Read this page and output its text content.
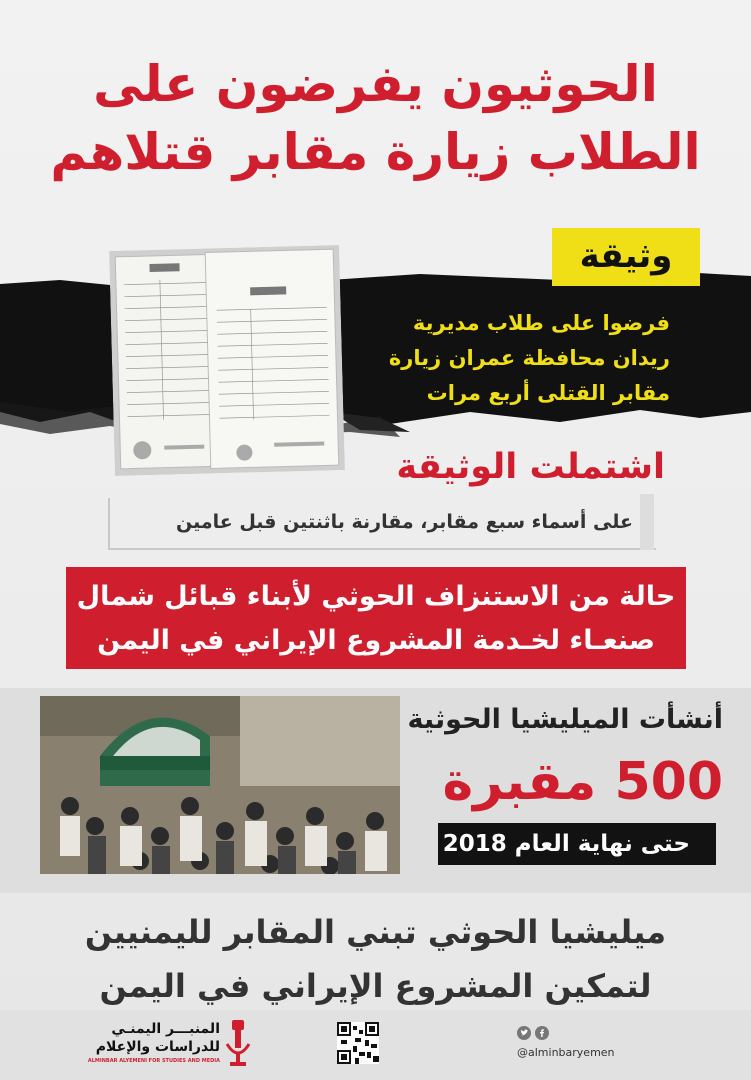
الحوثيون يفرضون على
الطلاب زيارة مقابر قتلاهم
وثيقة
فرضوا على طلاب مديرية
ريدان محافظة عمران زيارة
مقابر القتلى أربع مرات
اشتملت الوثيقة
على أسماء سبع مقابر، مقارنة باثنتين قبل عامين
حالة من الاستنزاف الحوثي لأبناء قبائل شمال
صنعـاء لخـدمة المشروع الإيراني في اليمن
أنشأت الميليشيا الحوثية
500 مقبرة
حتى نهاية العام 2018
ميليشيا الحوثي تبني المقابر لليمنيين
لتمكين المشروع الإيراني في اليمن
المنبـــر اليمنـي
للدراسات والإعلام
ALMINBAR ALYEMENI FOR STUDIES AND MEDIA
@alminbaryemen
